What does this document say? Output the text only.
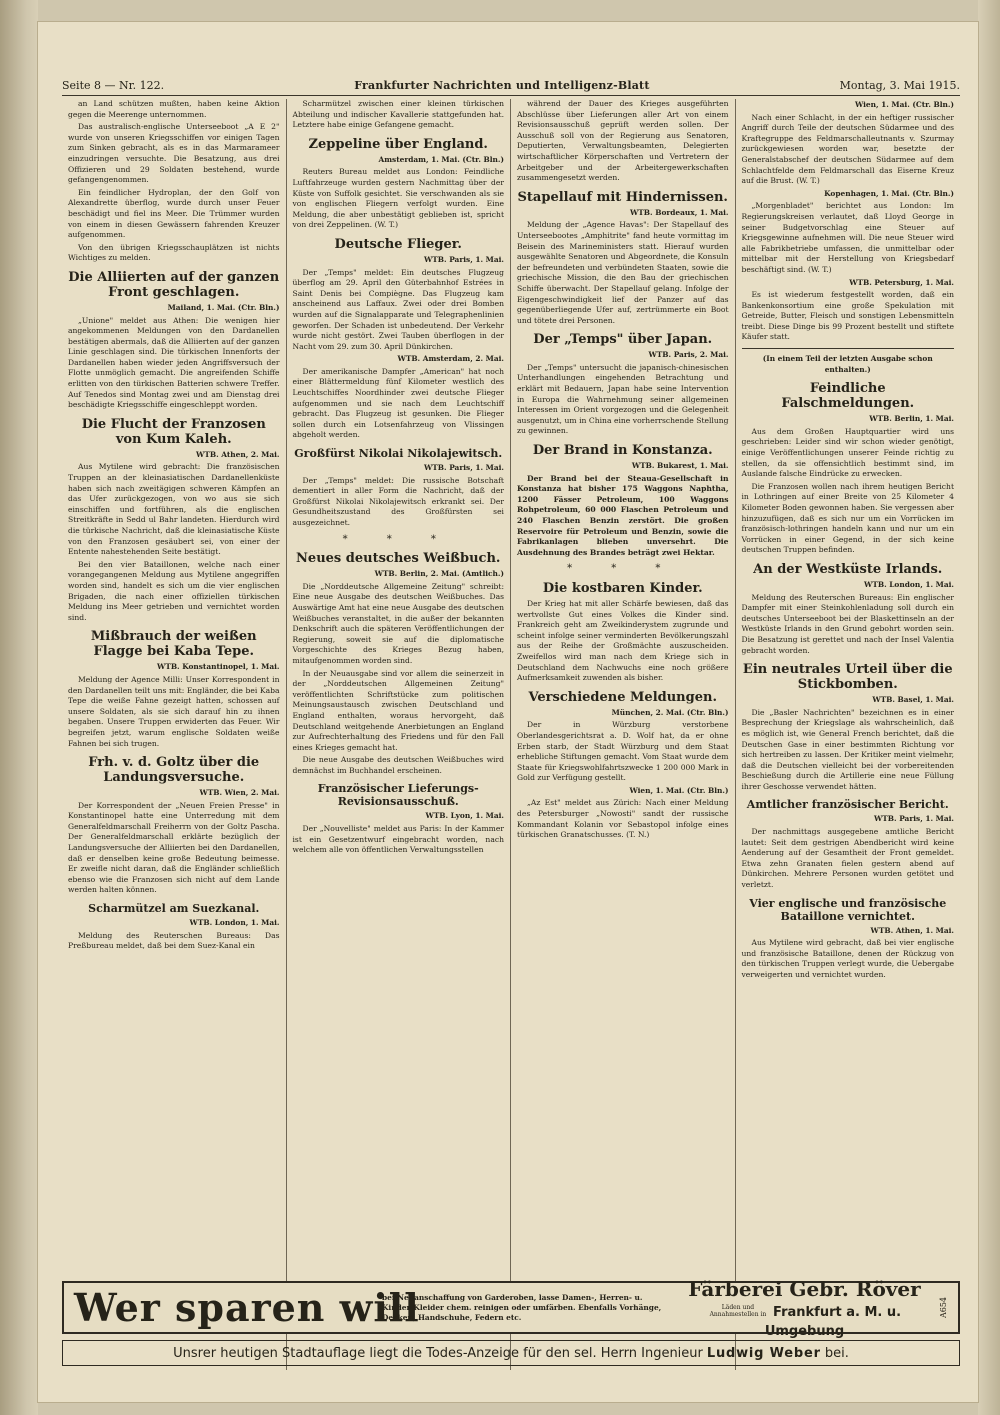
Seite 8 — Nr. 122.	Frankfurter Nachrichten und Intelligenz-Blatt	Montag, 3. Mai 1915.

an Land schützen mußten, haben keine Aktion gegen die Meerenge unternommen.

Das australisch-englische Unterseeboot „A E 2" wurde von unseren Kriegsschiffen vor einigen Tagen zum Sinken gebracht, als es in das Marmarameer einzudringen versuchte. Die Besatzung, aus drei Offizieren und 29 Soldaten bestehend, wurde gefangengenommen.

Ein feindlicher Hydroplan, der den Golf von Alexandrette überflog, wurde durch unser Feuer beschädigt und fiel ins Meer. Die Trümmer wurden von einem in diesen Gewässern fahrenden Kreuzer aufgenommen.

Von den übrigen Kriegsschauplätzen ist nichts Wichtiges zu melden.

Die Alliierten auf der ganzen Front geschlagen.
Mailand, 1. Mai. (Ctr. Bln.)

„Unione" meldet aus Athen: Die wenigen hier angekommenen Meldungen von den Dardanellen bestätigen abermals, daß die Alliierten auf der ganzen Linie geschlagen sind. Die türkischen Innenforts der Dardanellen haben wieder jeden Angriffsversuch der Flotte unmöglich gemacht. Die angreifenden Schiffe erlitten von den türkischen Batterien schwere Treffer. Auf Tenedos sind Montag zwei und am Dienstag drei beschädigte Kriegsschiffe eingeschleppt worden.

Die Flucht der Franzosen von Kum Kaleh.
WTB. Athen, 2. Mai.

Aus Mytilene wird gebracht: Die französischen Truppen an der kleinasiatischen Dardanellenküste haben sich nach zweitägigen schweren Kämpfen an das Ufer zurückgezogen, von wo aus sie sich einschiffen und fortführen, als die englischen Streitkräfte in Sedd ul Bahr landeten. Hierdurch wird die türkische Nachricht, daß die kleinasiatische Küste von den Franzosen gesäubert sei, von einer der Entente nahestehenden Seite bestätigt.

Bei den vier Bataillonen, welche nach einer vorangegangenen Meldung aus Mytilene angegriffen worden sind, handelt es sich um die vier englischen Brigaden, die nach einer offiziellen türkischen Meldung ins Meer getrieben und vernichtet worden sind.

Mißbrauch der weißen Flagge bei Kaba Tepe.
WTB. Konstantinopel, 1. Mai.

Meldung der Agence Milli: Unser Korrespondent in den Dardanellen teilt uns mit: Engländer, die bei Kaba Tepe die weiße Fahne gezeigt hatten, schossen auf unsere Soldaten, als sie sich darauf hin zu ihnen begaben. Unsere Truppen erwiderten das Feuer. Wir begreifen jetzt, warum englische Soldaten weiße Fahnen bei sich trugen.

Frh. v. d. Goltz über die Landungsversuche.
WTB. Wien, 2. Mai.

Der Korrespondent der „Neuen Freien Presse" in Konstantinopel hatte eine Unterredung mit dem Generalfeldmarschall Freiherrn von der Goltz Pascha. Der Generalfeldmarschall erklärte bezüglich der Landungsversuche der Alliierten bei den Dardanellen, daß er denselben keine große Bedeutung beimesse. Er zweifle nicht daran, daß die Engländer schließlich ebenso wie die Franzosen sich nicht auf dem Lande werden halten können.

Scharmützel am Suezkanal.
WTB. London, 1. Mai.

Meldung des Reuterschen Bureaus: Das Preßbureau meldet, daß bei dem Suez-Kanal ein

Scharmützel zwischen einer kleinen türkischen Abteilung und indischer Kavallerie stattgefunden hat. Letztere habe einige Gefangene gemacht.

Zeppeline über England.
Amsterdam, 1. Mai. (Ctr. Bln.)

Reuters Bureau meldet aus London: Feindliche Luftfahrzeuge wurden gestern Nachmittag über der Küste von Suffolk gesichtet. Sie verschwanden als sie von englischen Fliegern verfolgt wurden. Eine Meldung, die aber unbestätigt geblieben ist, spricht von drei Zeppelinen. (W. T.)

Deutsche Flieger.
WTB. Paris, 1. Mai.

Der „Temps" meldet: Ein deutsches Flugzeug überflog am 29. April den Güterbahnhof Estrées in Saint Denis bei Compiègne. Das Flugzeug kam anscheinend aus Laffaux. Zwei oder drei Bomben wurden auf die Signalapparate und Telegraphenlinien geworfen. Der Schaden ist unbedeutend. Der Verkehr wurde nicht gestört. Zwei Tauben überflogen in der Nacht vom 29. zum 30. April Dünkirchen.

WTB. Amsterdam, 2. Mai.

Der amerikanische Dampfer „American" hat noch einer Blättermeldung fünf Kilometer westlich des Leuchtschiffes Noordhinder zwei deutsche Flieger aufgenommen und sie nach dem Leuchtschiff gebracht. Das Flugzeug ist gesunken. Die Flieger sollen durch ein Lotsenfahrzeug von Vlissingen abgeholt werden.

Großfürst Nikolai Nikolajewitsch.
WTB. Paris, 1. Mai.

Der „Temps" meldet: Die russische Botschaft dementiert in aller Form die Nachricht, daß der Großfürst Nikolai Nikolajewitsch erkrankt sei. Der Gesundheitszustand des Großfürsten sei ausgezeichnet.

* * *
Neues deutsches Weißbuch.
WTB. Berlin, 2. Mai. (Amtlich.)

Die „Norddeutsche Allgemeine Zeitung" schreibt: Eine neue Ausgabe des deutschen Weißbuches. Das Auswärtige Amt hat eine neue Ausgabe des deutschen Weißbuches veranstaltet, in die außer der bekannten Denkschrift auch die späteren Veröffentlichungen der Regierung, soweit sie auf die diplomatische Vorgeschichte des Krieges Bezug haben, mitaufgenommen worden sind.

In der Neuausgabe sind vor allem die seinerzeit in der „Norddeutschen Allgemeinen Zeitung" veröffentlichten Schriftstücke zum politischen Meinungsaustausch zwischen Deutschland und England enthalten, woraus hervorgeht, daß Deutschland weitgehende Anerbietungen an England zur Aufrechterhaltung des Friedens und für den Fall eines Krieges gemacht hat.

Die neue Ausgabe des deutschen Weißbuches wird demnächst im Buchhandel erscheinen.

Französischer Lieferungs-Revisionsausschuß.
WTB. Lyon, 1. Mai.

Der „Nouvelliste" meldet aus Paris: In der Kammer ist ein Gesetzentwurf eingebracht worden, nach welchem alle von öffentlichen Verwaltungsstellen

während der Dauer des Krieges ausgeführten Abschlüsse über Lieferungen aller Art von einem Revisionsausschuß geprüft werden sollen. Der Ausschuß soll von der Regierung aus Senatoren, Deputierten, Verwaltungsbeamten, Delegierten wirtschaftlicher Körperschaften und Vertretern der Arbeitgeber und der Arbeitergewerkschaften zusammengesetzt werden.

Stapellauf mit Hindernissen.
WTB. Bordeaux, 1. Mai.

Meldung der „Agence Havas": Der Stapellauf des Unterseebootes „Amphitrite" fand heute vormittag im Beisein des Marineministers statt. Hierauf wurden ausgewählte Senatoren und Abgeordnete, die Konsuln der befreundeten und verbündeten Staaten, sowie die griechische Mission, die den Bau der griechischen Schiffe überwacht. Der Stapellauf gelang. Infolge der Eigengeschwindigkeit lief der Panzer auf das gegenüberliegende Ufer auf, zertrümmerte ein Boot und tötete drei Personen.

Der „Temps" über Japan.
WTB. Paris, 2. Mai.

Der „Temps" untersucht die japanisch-chinesischen Unterhandlungen eingehenden Betrachtung und erklärt mit Bedauern, Japan habe seine Intervention in Europa die Wahrnehmung seiner allgemeinen Interessen im Orient vorgezogen und die Gelegenheit ausgenutzt, um in China eine vorherrschende Stellung zu gewinnen.

Der Brand in Konstanza.
WTB. Bukarest, 1. Mai.

Der Brand bei der Steaua-Gesellschaft in Konstanza hat bisher 175 Waggons Naphtha, 1200 Fässer Petroleum, 100 Waggons Rohpetroleum, 60 000 Flaschen Petroleum und 240 Flaschen Benzin zerstört. Die großen Reservoire für Petroleum und Benzin, sowie die Fabrikanlagen blieben unversehrt. Die Ausdehnung des Brandes beträgt zwei Hektar.

* * *
Die kostbaren Kinder.

Der Krieg hat mit aller Schärfe bewiesen, daß das wertvollste Gut eines Volkes die Kinder sind. Frankreich geht am Zweikinderystem zugrunde und scheint infolge seiner verminderten Bevölkerungszahl aus der Reihe der Großmächte auszuscheiden. Zweifellos wird man nach dem Kriege sich in Deutschland dem Nachwuchs eine noch größere Aufmerksamkeit zuwenden als bisher.

Verschiedene Meldungen.
München, 2. Mai. (Ctr. Bln.)

Der in Würzburg verstorbene Oberlandesgerichtsrat a. D. Wolf hat, da er ohne Erben starb, der Stadt Würzburg und dem Staat erhebliche Stiftungen gemacht. Vom Staat wurde dem Staate für Kriegswohlfahrtszwecke 1 200 000 Mark in Gold zur Verfügung gestellt.

Wien, 1. Mai. (Ctr. Bln.)

„Az Est" meldet aus Zürich: Nach einer Meldung des Petersburger „Nowosti" sandt der russische Kommandant Kolanin vor Sebastopol infolge eines türkischen Granatschusses. (T. N.)

Wien, 1. Mai. (Ctr. Bln.)

Nach einer Schlacht, in der ein heftiger russischer Angriff durch Teile der deutschen Südarmee und des Kraftegruppe des Feldmarschalleutnants v. Szurmay zurückgewiesen worden war, besetzte der Generalstabschef der deutschen Südarmee auf dem Schlachtfelde dem Feldmarschall das Eiserne Kreuz auf die Brust. (W. T.)

Kopenhagen, 1. Mai. (Ctr. Bln.)

„Morgenbladet" berichtet aus London: Im Regierungskreisen verlautet, daß Lloyd George in seiner Budgetvorschlag eine Steuer auf Kriegsgewinne aufnehmen will. Die neue Steuer wird alle Fabrikbetriebe umfassen, die unmittelbar oder mittelbar mit der Herstellung von Kriegsbedarf beschäftigt sind. (W. T.)

WTB. Petersburg, 1. Mai.

Es ist wiederum festgestellt worden, daß ein Bankenkonsortium eine große Spekulation mit Getreide, Butter, Fleisch und sonstigen Lebensmitteln treibt. Diese Dinge bis 99 Prozent bestellt und stiftete Käufer statt.

(In einem Teil der letzten Ausgabe schon enthalten.)
Feindliche Falschmeldungen.
WTB. Berlin, 1. Mai.

Aus dem Großen Hauptquartier wird uns geschrieben: Leider sind wir schon wieder genötigt, einige Veröffentlichungen unserer Feinde richtig zu stellen, da sie offensichtlich bestimmt sind, im Auslande falsche Eindrücke zu erwecken.

Die Franzosen wollen nach ihrem heutigen Bericht in Lothringen auf einer Breite von 25 Kilometer 4 Kilometer Boden gewonnen haben. Sie vergessen aber hinzuzufügen, daß es sich nur um ein Vorrücken im französisch-lothringen handeln kann und nur um ein Vorrücken in einer Gegend, in der sich keine deutschen Truppen befinden.

An der Westküste Irlands.
WTB. London, 1. Mai.

Meldung des Reuterschen Bureaus: Ein englischer Dampfer mit einer Steinkohlenladung soll durch ein deutsches Unterseeboot bei der Blaskettinseln an der Westküste Irlands in den Grund gebohrt worden sein. Die Besatzung ist gerettet und nach der Insel Valentia gebracht worden.

Ein neutrales Urteil über die Stickbomben.
WTB. Basel, 1. Mai.

Die „Basler Nachrichten" bezeichnen es in einer Besprechung der Kriegslage als wahrscheinlich, daß es möglich ist, wie General French berichtet, daß die Deutschen Gase in einer bestimmten Richtung vor sich hertreiben zu lassen. Der Kritiker meint vielmehr, daß die Deutschen vielleicht bei der vorbereitenden Beschießung durch die Artillerie eine neue Füllung ihrer Geschosse verwendet hätten.

Amtlicher französischer Bericht.
WTB. Paris, 1. Mai.

Der nachmittags ausgegebene amtliche Bericht lautet: Seit dem gestrigen Abendbericht wird keine Aenderung auf der Gesamtheit der Front gemeldet. Etwa zehn Granaten fielen gestern abend auf Dünkirchen. Mehrere Personen wurden getötet und verletzt.

Vier englische und französische Bataillone vernichtet.
WTB. Athen, 1. Mai.

Aus Mytilene wird gebracht, daß bei vier englische und französische Bataillone, denen der Rückzug von den türkischen Truppen verlegt wurde, die Uebergabe verweigerten und vernichtet wurden.

Wer sparen will
bei Neuanschaffung von Garderoben, lasse Damen-, Herren- u. Kinder-Kleider chem. reinigen oder umfärben. Ebenfalls Vorhänge, Decken, Handschuhe, Federn etc.
Färberei Gebr. Röver
Läden und Annahmestellen in Frankfurt a. M. u. Umgebung
A654
Unsrer heutigen Stadtauflage liegt die Todes-Anzeige für den sel. Herrn Ingenieur Ludwig Weber bei.
